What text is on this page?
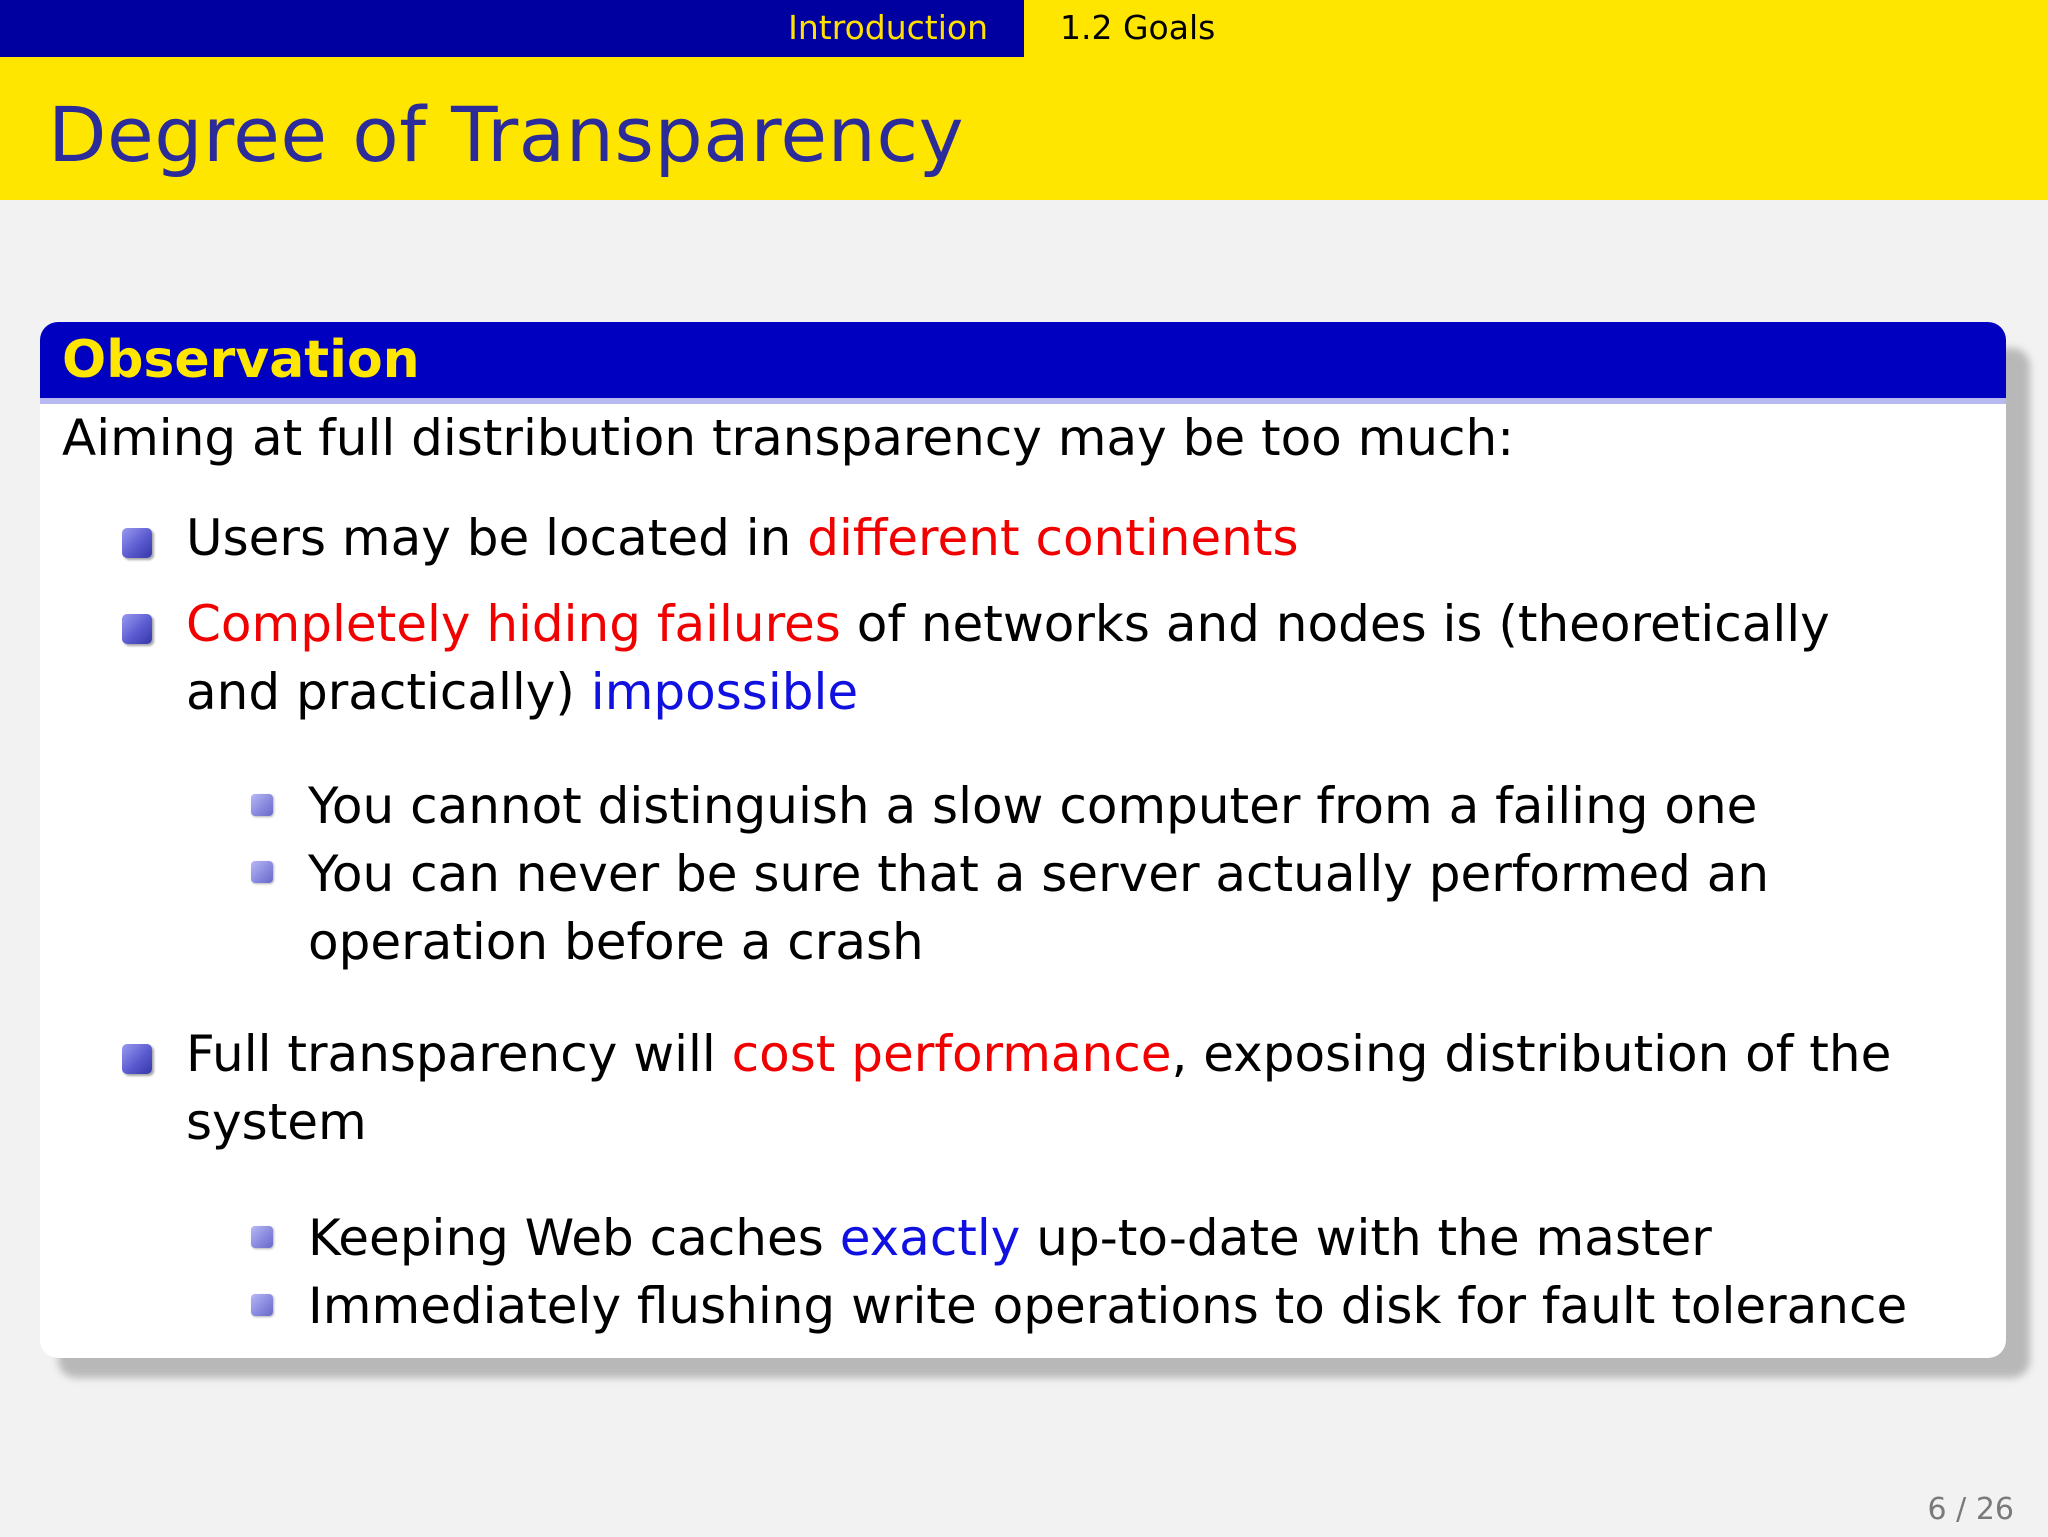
Introduction 1.2 Goals
Degree of Transparency
Observation
Aiming at full distribution transparency may be too much:
Users may be located in different continents
Completely hiding failures of networks and nodes is (theoretically and practically) impossible
You cannot distinguish a slow computer from a failing one
You can never be sure that a server actually performed an operation before a crash
Full transparency will cost performance, exposing distribution of the system
Keeping Web caches exactly up-to-date with the master
Immediately flushing write operations to disk for fault tolerance
6 / 26
